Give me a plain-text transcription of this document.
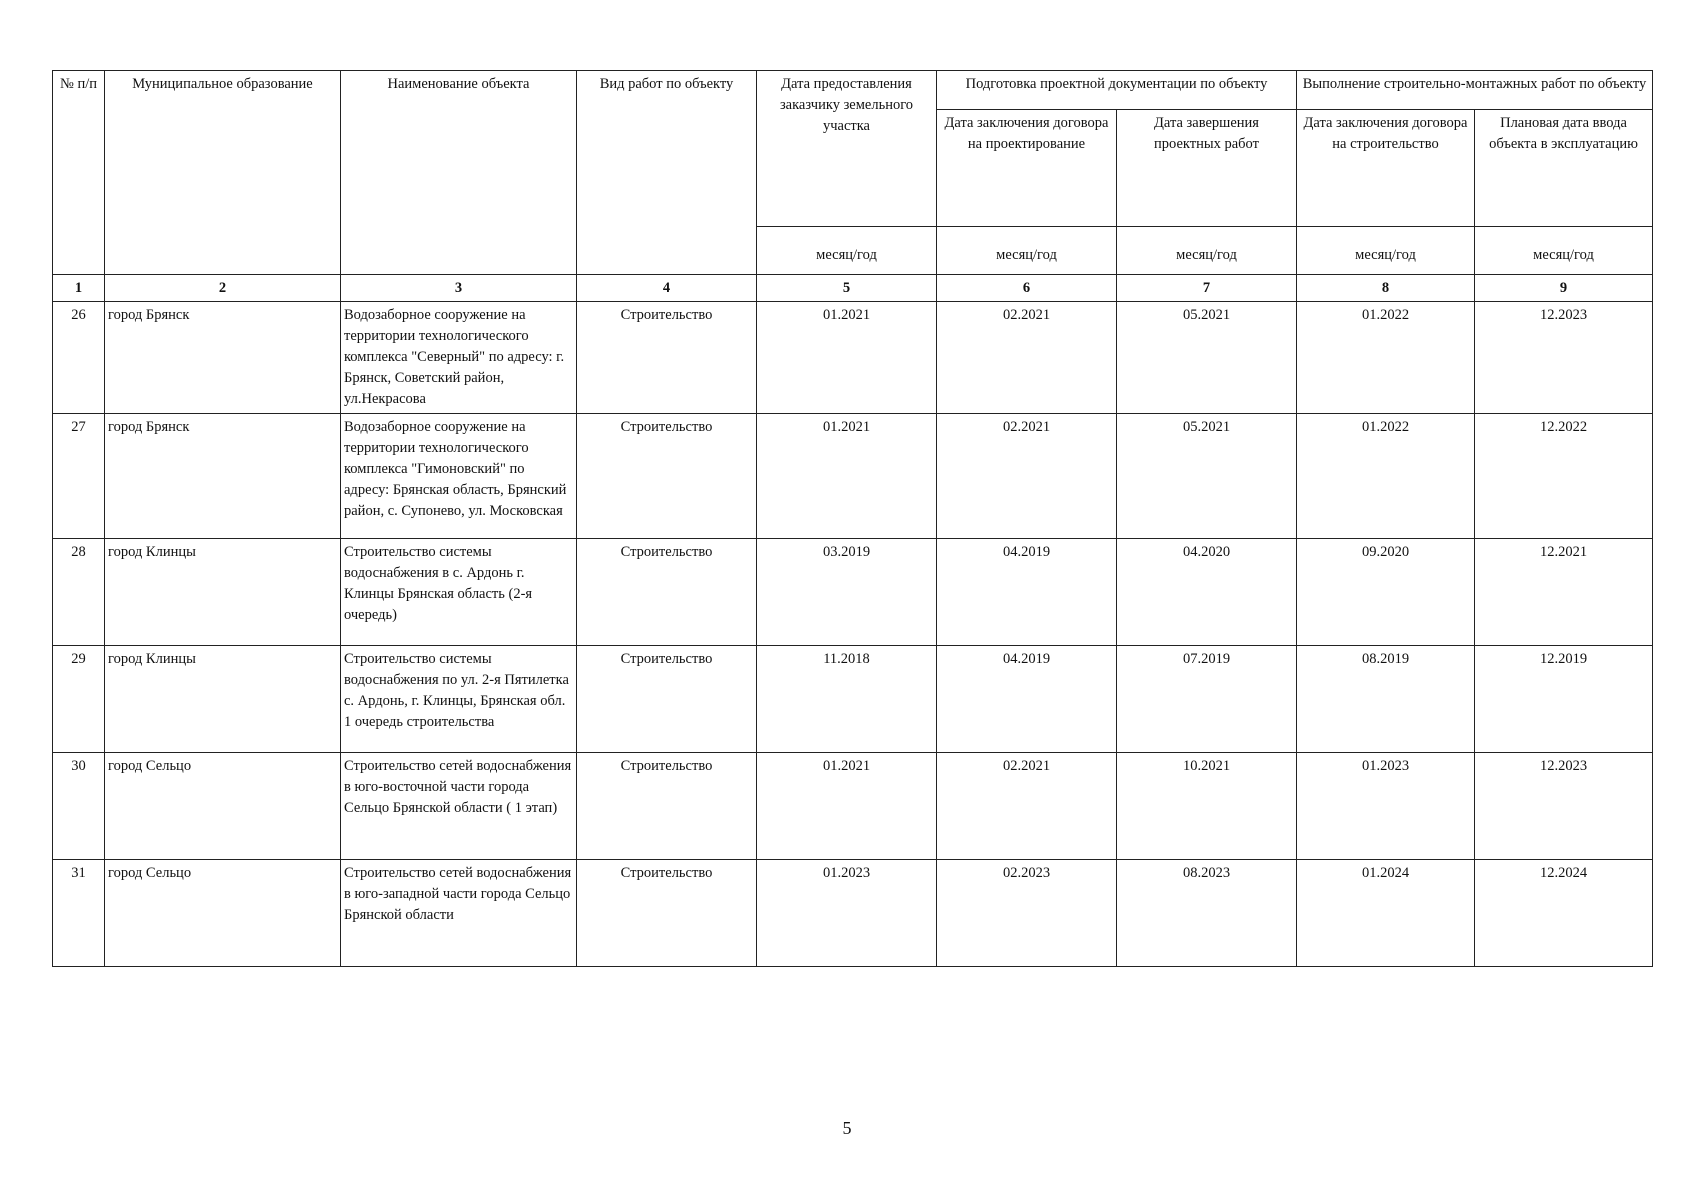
№ п/п	Муниципальное образование	Наименование объекта	Вид работ по объекту	Дата предоставления заказчику земельного участка	Подготовка проектной документации по объекту		Выполнение строительно-монтажных работ по объекту	
					Дата заключения договора на проектирование	Дата завершения проектных работ	Дата заключения договора на строительство	Плановая дата ввода объекта в эксплуатацию
				месяц/год	месяц/год	месяц/год	месяц/год	месяц/год
1	2	3	4	5	6	7	8	9
26	город Брянск	Водозаборное сооружение на территории технологического комплекса "Северный" по адресу: г. Брянск, Советский район, ул.Некрасова	Строительство	01.2021	02.2021	05.2021	01.2022	12.2023
27	город Брянск	Водозаборное сооружение на территории технологического комплекса "Гимоновский" по адресу: Брянская область, Брянский район, с. Супонево, ул. Московская	Строительство	01.2021	02.2021	05.2021	01.2022	12.2022
28	город Клинцы	Строительство системы водоснабжения в с. Ардонь г. Клинцы Брянская область (2-я очередь)	Строительство	03.2019	04.2019	04.2020	09.2020	12.2021
29	город Клинцы	Строительство системы водоснабжения по ул. 2-я Пятилетка с. Ардонь, г. Клинцы, Брянская обл. 1 очередь строительства	Строительство	11.2018	04.2019	07.2019	08.2019	12.2019
30	город Сельцо	Строительство сетей водоснабжения в юго-восточной части города Сельцо Брянской области ( 1 этап)	Строительство	01.2021	02.2021	10.2021	01.2023	12.2023
31	город Сельцо	Строительство сетей водоснабжения в юго-западной части города Сельцо Брянской области	Строительство	01.2023	02.2023	08.2023	01.2024	12.2024
5
